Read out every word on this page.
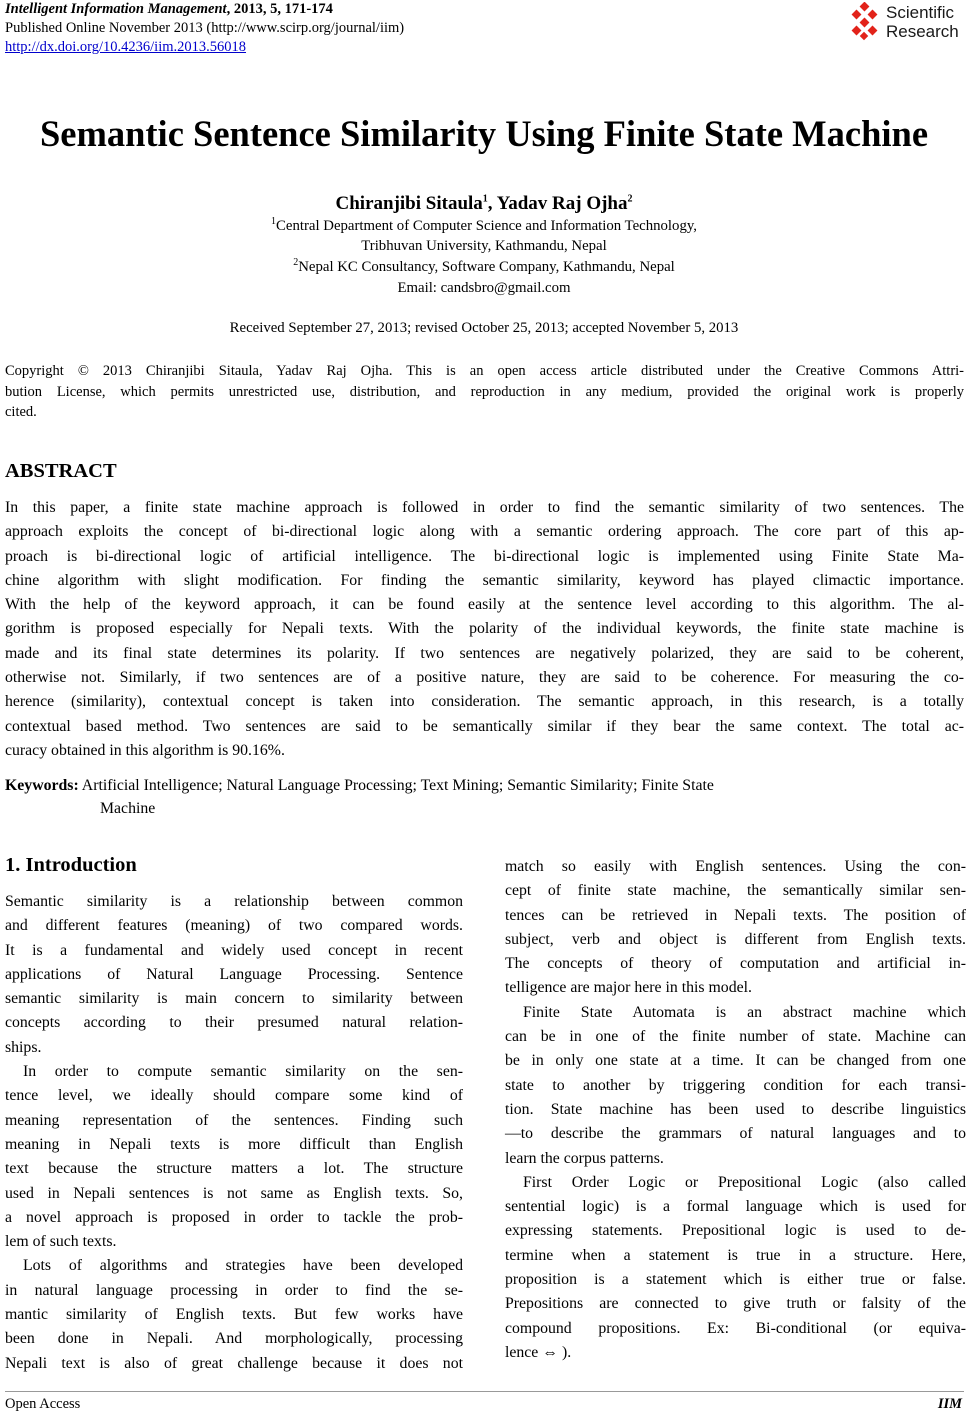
Intelligent Information Management, 2013, 5, 171-174
Published Online November 2013 (http://www.scirp.org/journal/iim)
http://dx.doi.org/10.4236/iim.2013.56018
Scientific
Research
Semantic Sentence Similarity Using Finite State Machine
Chiranjibi Sitaula$^1$, Yadav Raj Ojha$^2$
$^1$Central Department of Computer Science and Information Technology,
Tribhuvan University, Kathmandu, Nepal
$^2$Nepal KC Consultancy, Software Company, Kathmandu, Nepal
Email: candsbro@gmail.com
Received September 27, 2013; revised October 25, 2013; accepted November 5, 2013

Copyright © 2013 Chiranjibi Sitaula, Yadav Raj Ojha. This is an open access article distributed under the Creative Commons Attri-

bution License, which permits unrestricted use, distribution, and reproduction in any medium, provided the original work is properly

cited.

ABSTRACT

In this paper, a finite state machine approach is followed in order to find the semantic similarity of two sentences. The

approach exploits the concept of bi-directional logic along with a semantic ordering approach. The core part of this ap-

proach is bi-directional logic of artificial intelligence. The bi-directional logic is implemented using Finite State Ma-

chine algorithm with slight modification. For finding the semantic similarity, keyword has played climactic importance.

With the help of the keyword approach, it can be found easily at the sentence level according to this algorithm. The al-

gorithm is proposed especially for Nepali texts. With the polarity of the individual keywords, the finite state machine is

made and its final state determines its polarity. If two sentences are negatively polarized, they are said to be coherent,

otherwise not. Similarly, if two sentences are of a positive nature, they are said to be coherence. For measuring the co-

herence (similarity), contextual concept is taken into consideration. The semantic approach, in this research, is a totally

contextual based method. Two sentences are said to be semantically similar if they bear the same context. The total ac-

curacy obtained in this algorithm is 90.16%.

Keywords: Artificial Intelligence; Natural Language Processing; Text Mining; Semantic Similarity; Finite State
Machine
1. Introduction

Semantic similarity is a relationship between common

and different features (meaning) of two compared words.

It is a fundamental and widely used concept in recent

applications of Natural Language Processing. Sentence

semantic similarity is main concern to similarity between

concepts according to their presumed natural relation-

ships.

In order to compute semantic similarity on the sen-

tence level, we ideally should compare some kind of

meaning representation of the sentences. Finding such

meaning in Nepali texts is more difficult than English

text because the structure matters a lot. The structure

used in Nepali sentences is not same as English texts. So,

a novel approach is proposed in order to tackle the prob-

lem of such texts.

Lots of algorithms and strategies have been developed

in natural language processing in order to find the se-

mantic similarity of English texts. But few works have

been done in Nepali. And morphologically, processing

Nepali text is also of great challenge because it does not

match so easily with English sentences. Using the con-

cept of finite state machine, the semantically similar sen-

tences can be retrieved in Nepali texts. The position of

subject, verb and object is different from English texts.

The concepts of theory of computation and artificial in-

telligence are major here in this model.

Finite State Automata is an abstract machine which

can be in one of the finite number of state. Machine can

be in only one state at a time. It can be changed from one

state to another by triggering condition for each transi-

tion. State machine has been used to describe linguistics

—to describe the grammars of natural languages and to

learn the corpus patterns.

First Order Logic or Prepositional Logic (also called

sentential logic) is a formal language which is used for

expressing statements. Prepositional logic is used to de-

termine when a statement is true in a structure. Here,

proposition is a statement which is either true or false.

Prepositions are connected to give truth or falsity of the

compound propositions. Ex: Bi-conditional (or equiva-

lence ⇔ ).

Open Access	IIM
